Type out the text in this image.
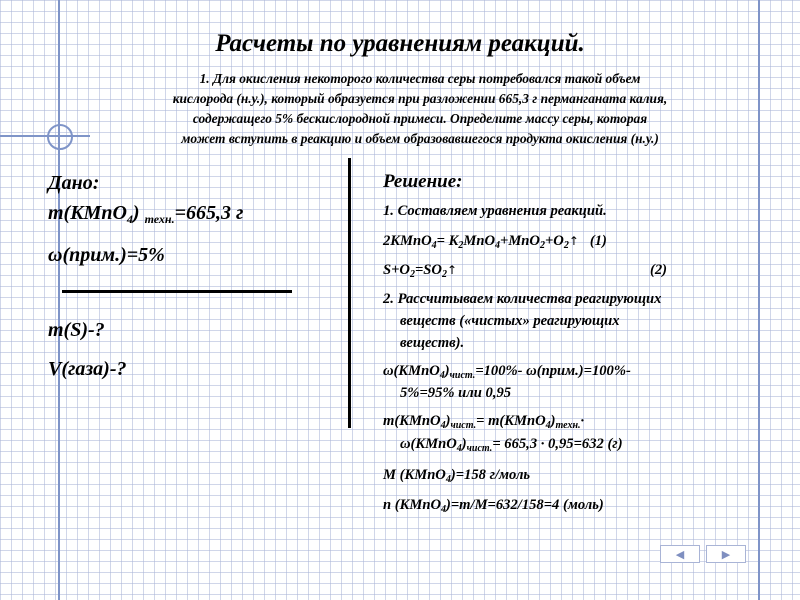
Расчеты по уравнениям реакций.
1. Для окисления некоторого количества серы потребовался такой объем
кислорода (н.у.), который образуется при разложении 665,3 г перманганата калия,
содержащего 5% бескислородной примеси. Определите массу серы, которая
может вступить в реакцию и объем образовавшегося продукта окисления (н.у.)
Дано:
m(KMnO$_4$) $_{техн.}$=665,3 г
ω(прим.)=5%
m(S)-?
V(газа)-?
Решение:
1. Составляем уравнения реакций.
2KMnO$_4$= $K_2MnO_4+MnO_2+O_2↑$ (1)
$S+O_2=SO_2↑$	(2)
2. Рассчитываем количества реагирующих
веществ («чистых» реагирующих
веществ).
$\omega(KMnO_4)_{чист.}=100\%-$ ω(прим.)=100%-
5%=95% или 0,95
$m(KMnO_4)_{чист.}=$ $m(KMnO_4)_{техн.}\cdot$
$\omega(KMnO_4)_{чист.}= 665,3 \cdot 0,95=632$ (г)
M (KMnO$_4$)=158 г/моль
n (KMnO$_4$)=m/M=632/158=4 (моль)
◀	▶
